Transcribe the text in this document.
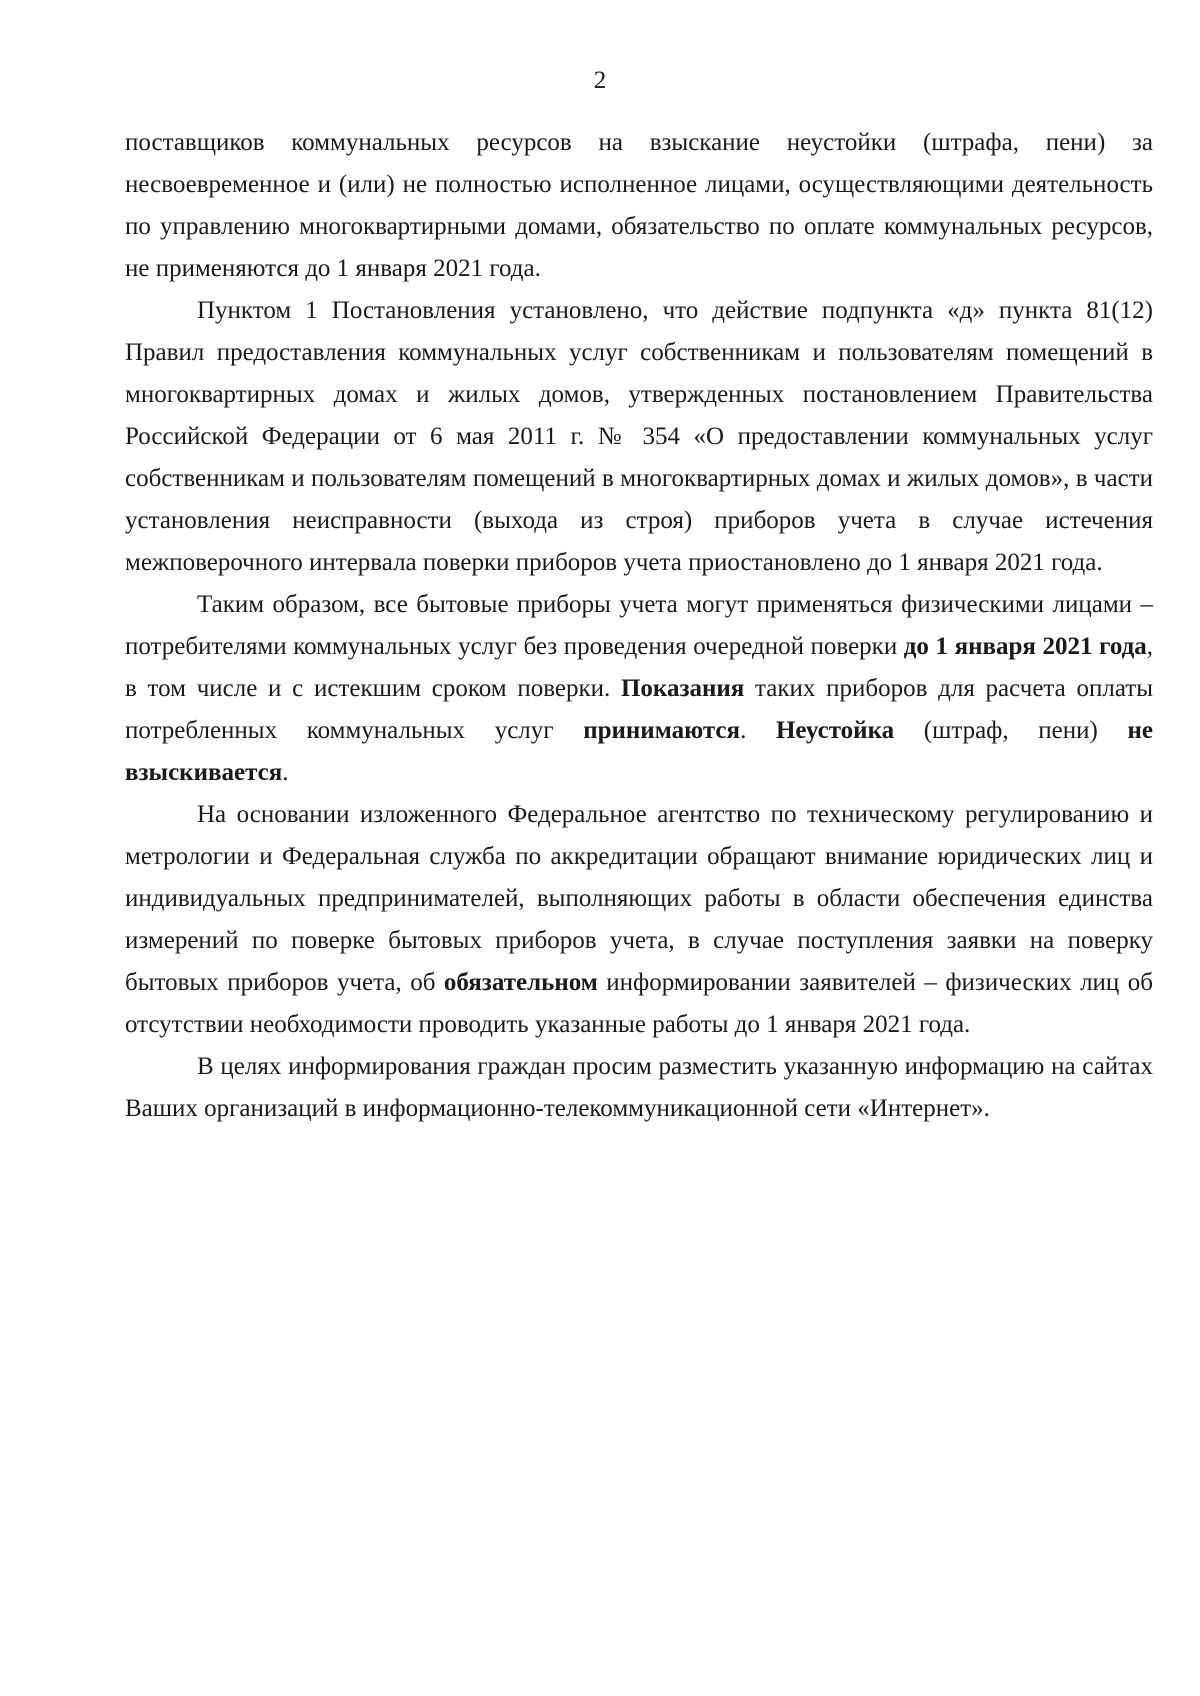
2

поставщиков коммунальных ресурсов на взыскание неустойки (штрафа, пени) за несвоевременное и (или) не полностью исполненное лицами, осуществляющими деятельность по управлению многоквартирными домами, обязательство по оплате коммунальных ресурсов, не применяются до 1 января 2021 года.

Пунктом 1 Постановления установлено, что действие подпункта «д» пункта 81(12) Правил предоставления коммунальных услуг собственникам и пользователям помещений в многоквартирных домах и жилых домов, утвержденных постановлением Правительства Российской Федерации от 6 мая 2011 г. № 354 «О предоставлении коммунальных услуг собственникам и пользователям помещений в многоквартирных домах и жилых домов», в части установления неисправности (выхода из строя) приборов учета в случае истечения межповерочного интервала поверки приборов учета приостановлено до 1 января 2021 года.

Таким образом, все бытовые приборы учета могут применяться физическими лицами – потребителями коммунальных услуг без проведения очередной поверки до 1 января 2021 года, в том числе и с истекшим сроком поверки. Показания таких приборов для расчета оплаты потребленных коммунальных услуг принимаются. Неустойка (штраф, пени) не взыскивается.

На основании изложенного Федеральное агентство по техническому регулированию и метрологии и Федеральная служба по аккредитации обращают внимание юридических лиц и индивидуальных предпринимателей, выполняющих работы в области обеспечения единства измерений по поверке бытовых приборов учета, в случае поступления заявки на поверку бытовых приборов учета, об обязательном информировании заявителей – физических лиц об отсутствии необходимости проводить указанные работы до 1 января 2021 года.

В целях информирования граждан просим разместить указанную информацию на сайтах Ваших организаций в информационно-телекоммуникационной сети «Интернет».
